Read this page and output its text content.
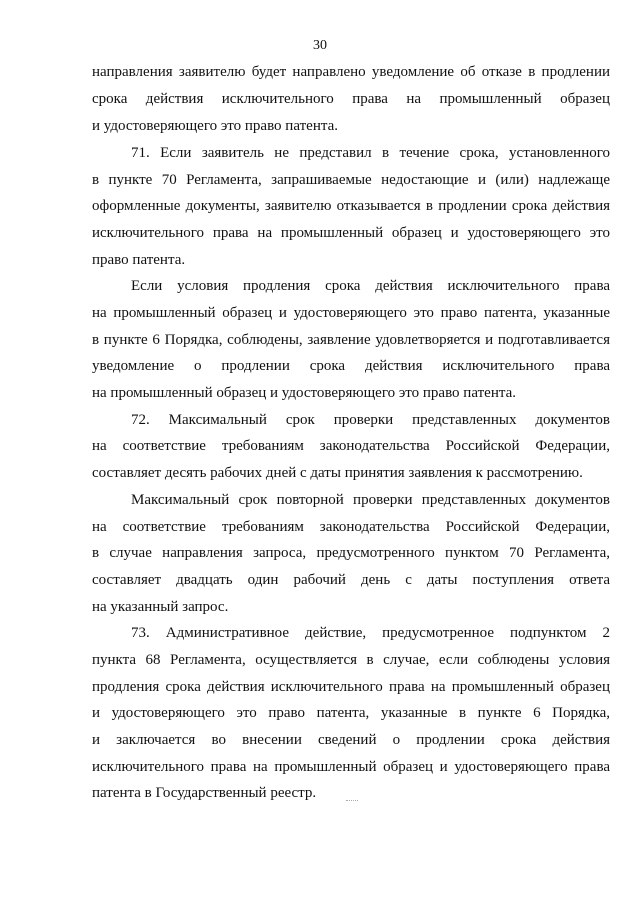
30
направления заявителю будет направлено уведомление об отказе в продлении
срока действия исключительного права на промышленный образец
и удостоверяющего это право патента.
71. Если заявитель не представил в течение срока, установленного
в пункте 70 Регламента, запрашиваемые недостающие и (или) надлежаще
оформленные документы, заявителю отказывается в продлении срока действия
исключительного права на промышленный образец и удостоверяющего это
право патента.
Если условия продления срока действия исключительного права
на промышленный образец и удостоверяющего это право патента, указанные
в пункте 6 Порядка, соблюдены, заявление удовлетворяется и подготавливается
уведомление о продлении срока действия исключительного права
на промышленный образец и удостоверяющего это право патента.
72. Максимальный срок проверки представленных документов
на соответствие требованиям законодательства Российской Федерации,
составляет десять рабочих дней с даты принятия заявления к рассмотрению.
Максимальный срок повторной проверки представленных документов
на соответствие требованиям законодательства Российской Федерации,
в случае направления запроса, предусмотренного пунктом 70 Регламента,
составляет двадцать один рабочий день с даты поступления ответа
на указанный запрос.
73. Административное действие, предусмотренное подпунктом 2
пункта 68 Регламента, осуществляется в случае, если соблюдены условия
продления срока действия исключительного права на промышленный образец
и удостоверяющего это право патента, указанные в пункте 6 Порядка,
и заключается во внесении сведений о продлении срока действия
исключительного права на промышленный образец и удостоверяющего права
патента в Государственный реестр.
